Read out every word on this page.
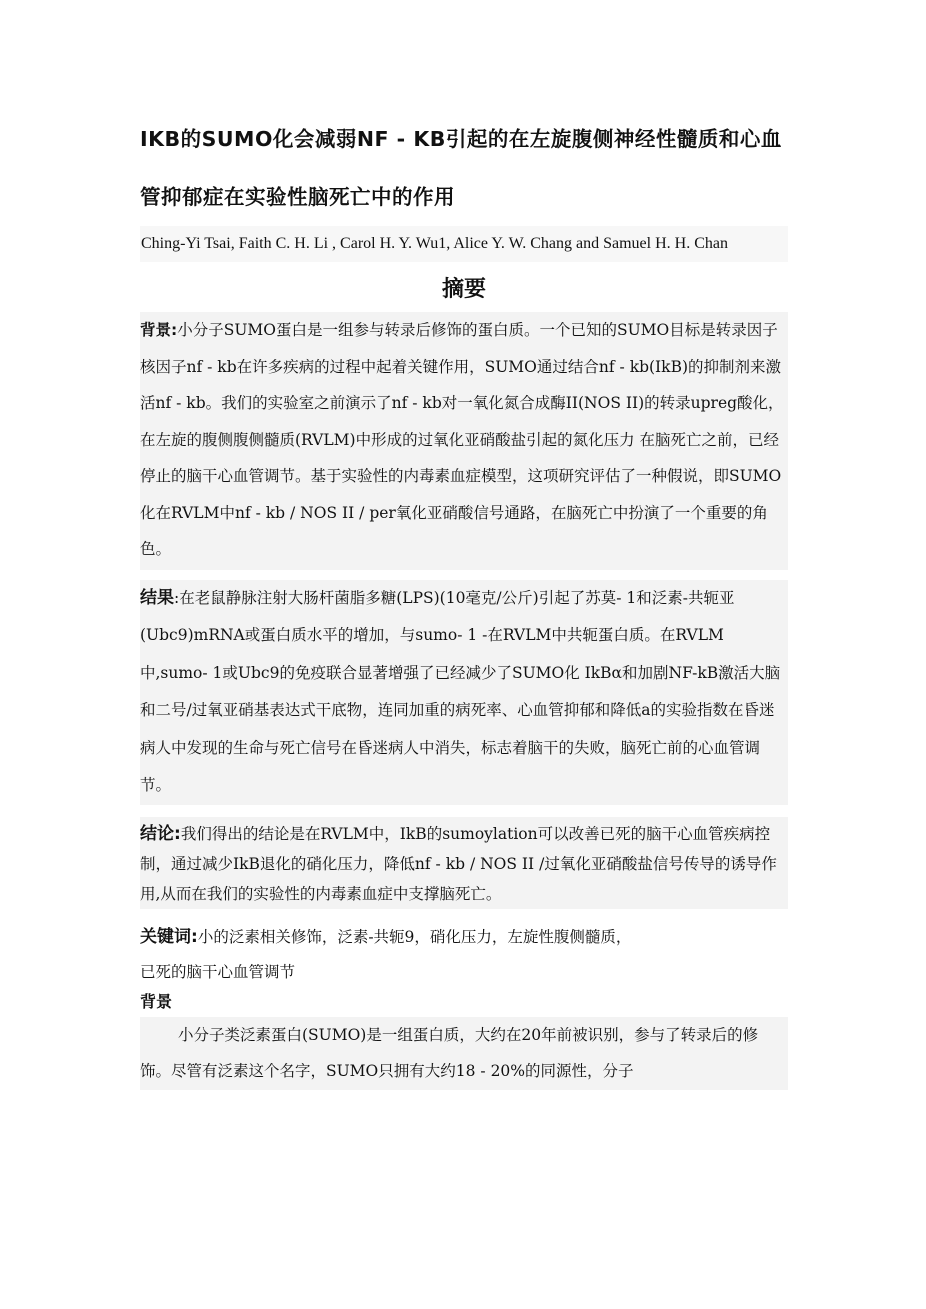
IKB的SUMO化会减弱NF - KB引起的在左旋腹侧神经性髓质和心血管抑郁症在实验性脑死亡中的作用

Ching-Yi Tsai, Faith C. H. Li , Carol H. Y. Wu1, Alice Y. W. Chang and Samuel H. H. Chan

摘要

背景:小分子SUMO蛋白是一组参与转录后修饰的蛋白质。一个已知的SUMO目标是转录因子核因子nf - kb在许多疾病的过程中起着关键作用，SUMO通过结合nf - kb(IkB)的抑制剂来激活nf - kb。我们的实验室之前演示了nf - kb对一氧化氮合成酶II(NOS II)的转录upreg酸化， 在左旋的腹侧腹侧髓质(RVLM)中形成的过氧化亚硝酸盐引起的氮化压力 在脑死亡之前，已经停止的脑干心血管调节。基于实验性的内毒素血症模型，这项研究评估了一种假说，即SUMO化在RVLM中nf - kb / NOS II / per氧化亚硝酸信号通路，在脑死亡中扮演了一个重要的角色。

结果:在老鼠静脉注射大肠杆菌脂多糖(LPS)(10毫克/公斤)引起了苏莫- 1和泛素-共轭亚(Ubc9)mRNA或蛋白质水平的增加，与sumo- 1 -在RVLM中共轭蛋白质。在RVLM中,sumo- 1或Ubc9的免疫联合显著增强了已经减少了SUMO化 IkBα和加剧NF-kB激活大脑和二号/过氧亚硝基表达式干底物，连同加重的病死率、心血管抑郁和降低a的实验指数在昏迷病人中发现的生命与死亡信号在昏迷病人中消失，标志着脑干的失败，脑死亡前的心血管调节。

结论:我们得出的结论是在RVLM中，IkB的sumoylation可以改善已死的脑干心血管疾病控制，通过减少IkB退化的硝化压力，降低nf - kb / NOS II /过氧化亚硝酸盐信号传导的诱导作用,从而在我们的实验性的内毒素血症中支撑脑死亡。

关键词:小的泛素相关修饰，泛素-共轭9，硝化压力，左旋性腹侧髓质，

已死的脑干心血管调节

背景

小分子类泛素蛋白(SUMO)是一组蛋白质，大约在20年前被识别，参与了转录后的修饰。尽管有泛素这个名字，SUMO只拥有大约18 - 20%的同源性，分子
